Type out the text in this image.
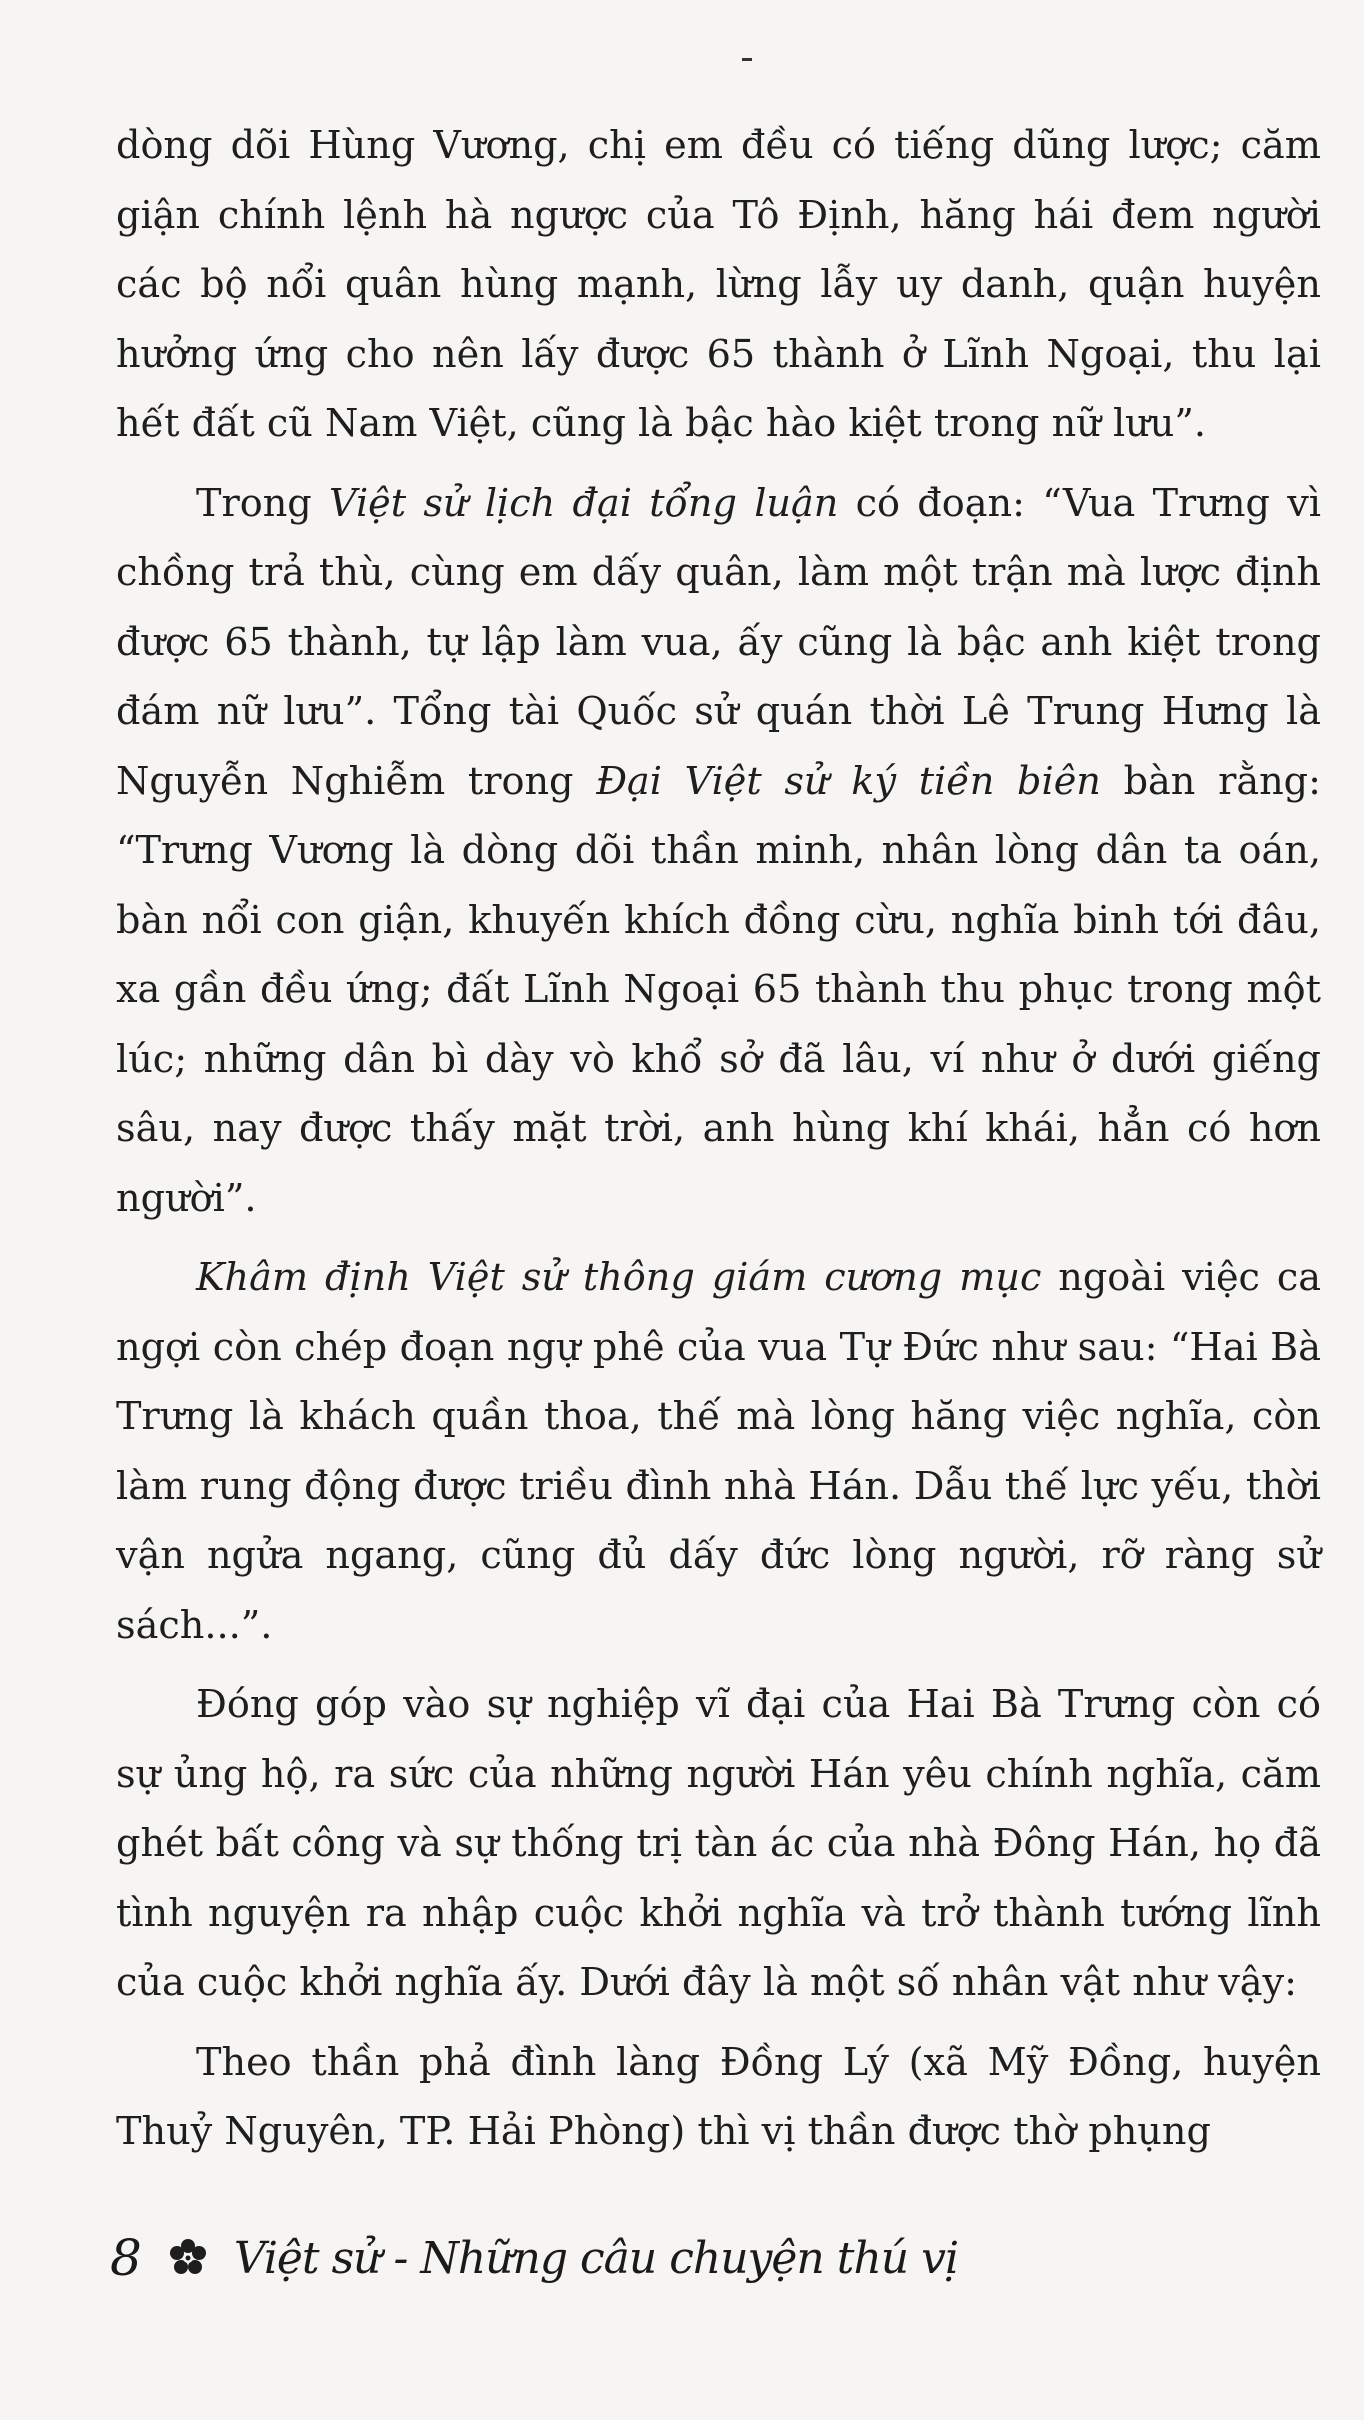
dòng dõi Hùng Vương, chị em đều có tiếng dũng lược; căm giận chính lệnh hà ngược của Tô Định, hăng hái đem người các bộ nổi quân hùng mạnh, lừng lẫy uy danh, quận huyện hưởng ứng cho nên lấy được 65 thành ở Lĩnh Ngoại, thu lại hết đất cũ Nam Việt, cũng là bậc hào kiệt trong nữ lưu”.

Trong Việt sử lịch đại tổng luận có đoạn: “Vua Trưng vì chồng trả thù, cùng em dấy quân, làm một trận mà lược định được 65 thành, tự lập làm vua, ấy cũng là bậc anh kiệt trong đám nữ lưu”. Tổng tài Quốc sử quán thời Lê Trung Hưng là Nguyễn Nghiễm trong Đại Việt sử ký tiền biên bàn rằng: “Trưng Vương là dòng dõi thần minh, nhân lòng dân ta oán, bàn nổi con giận, khuyến khích đồng cừu, nghĩa binh tới đâu, xa gần đều ứng; đất Lĩnh Ngoại 65 thành thu phục trong một lúc; những dân bì dày vò khổ sở đã lâu, ví như ở dưới giếng sâu, nay được thấy mặt trời, anh hùng khí khái, hẳn có hơn người”.

Khâm định Việt sử thông giám cương mục ngoài việc ca ngợi còn chép đoạn ngự phê của vua Tự Đức như sau: “Hai Bà Trưng là khách quần thoa, thế mà lòng hăng việc nghĩa, còn làm rung động được triều đình nhà Hán. Dẫu thế lực yếu, thời vận ngửa ngang, cũng đủ dấy đức lòng người, rỡ ràng sử sách...”.

Đóng góp vào sự nghiệp vĩ đại của Hai Bà Trưng còn có sự ủng hộ, ra sức của những người Hán yêu chính nghĩa, căm ghét bất công và sự thống trị tàn ác của nhà Đông Hán, họ đã tình nguyện ra nhập cuộc khởi nghĩa và trở thành tướng lĩnh của cuộc khởi nghĩa ấy. Dưới đây là một số nhân vật như vậy:

Theo thần phả đình làng Đồng Lý (xã Mỹ Đồng, huyện Thuỷ Nguyên, TP. Hải Phòng) thì vị thần được thờ phụng

8 Việt sử - Những câu chuyện thú vị
